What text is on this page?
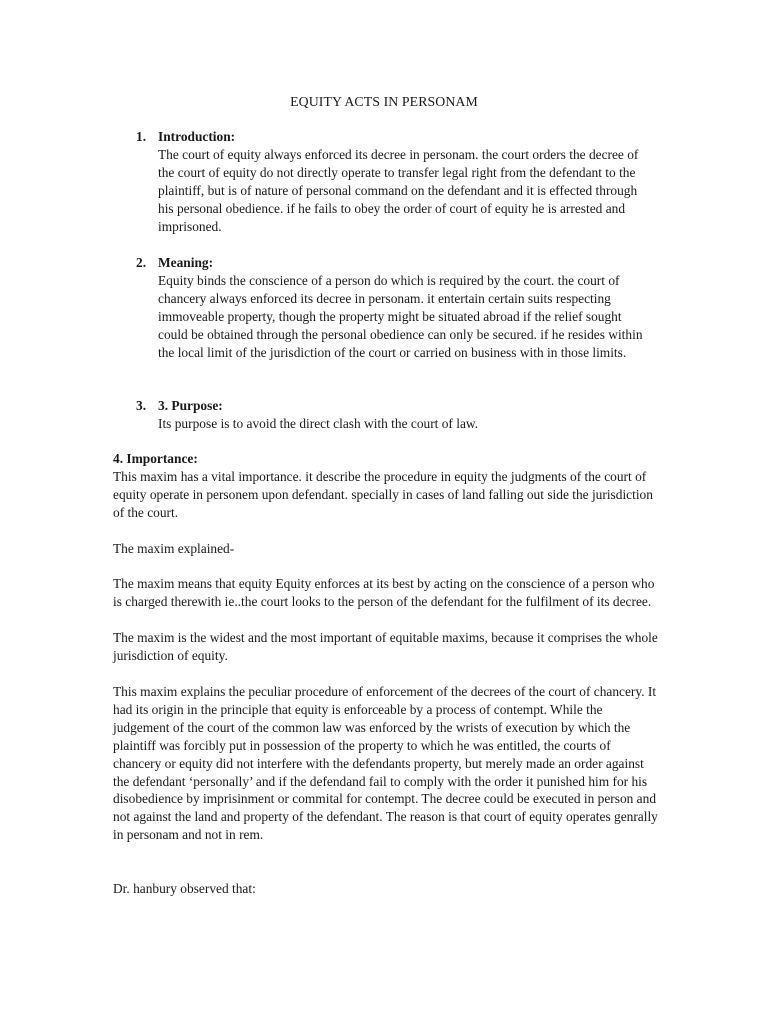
EQUITY ACTS IN PERSONAM
1. Introduction:
The court of equity always enforced its decree in personam. the court orders the decree of the court of equity do not directly operate to transfer legal right from the defendant to the plaintiff, but is of nature of personal command on the defendant and it is effected through his personal obedience. if he fails to obey the order of court of equity he is arrested and imprisoned.
2. Meaning:
Equity binds the conscience of a person do which is required by the court. the court of chancery always enforced its decree in personam. it entertain certain suits respecting immoveable property, though the property might be situated abroad if the relief sought could be obtained through the personal obedience can only be secured. if he resides within the local limit of the jurisdiction of the court or carried on business with in those limits.
3. 3. Purpose:
Its purpose is to avoid the direct clash with the court of law.
4. Importance:
This maxim has a vital importance. it describe the procedure in equity the judgments of the court of equity operate in personem upon defendant. specially in cases of land falling out side the jurisdiction of the court.
The maxim explained-
The maxim means that equity Equity enforces at its best by acting on the conscience of a person who is charged therewith ie..the court looks to the person of the defendant for the fulfilment of its decree.
The maxim is the widest and the most important of equitable maxims, because it comprises the whole jurisdiction of equity.
This maxim explains the peculiar procedure of enforcement of the decrees of the court of chancery. It had its origin in the principle that equity is enforceable by a process of contempt. While the judgement of the court of the common law was enforced by the wrists of execution by which the plaintiff was forcibly put in possession of the property to which he was entitled, the courts of chancery or equity did not interfere with the defendants property, but merely made an order against the defendant ‘personally’ and if the defendand fail to comply with the order it punished him for his disobedience by imprisinment or commital for contempt. The decree could be executed in person and not against the land and property of the defendant. The reason is that court of equity operates genrally in personam and not in rem.
Dr. hanbury observed that:
